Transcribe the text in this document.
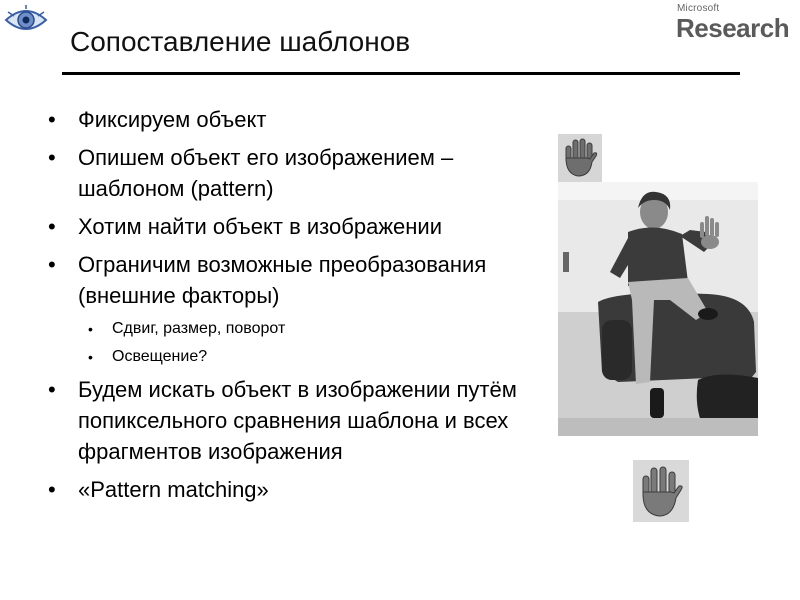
Microsoft
Research
Сопоставление шаблонов
• Фиксируем объект
• Опишем объект его изображением – шаблоном (pattern)
• Хотим найти объект в изображении
• Ограничим возможные преобразования (внешние факторы)
• Сдвиг, размер, поворот
• Освещение?
• Будем искать объект в изображении путём попиксельного сравнения шаблона и всех фрагментов изображения
• «Pattern matching»
